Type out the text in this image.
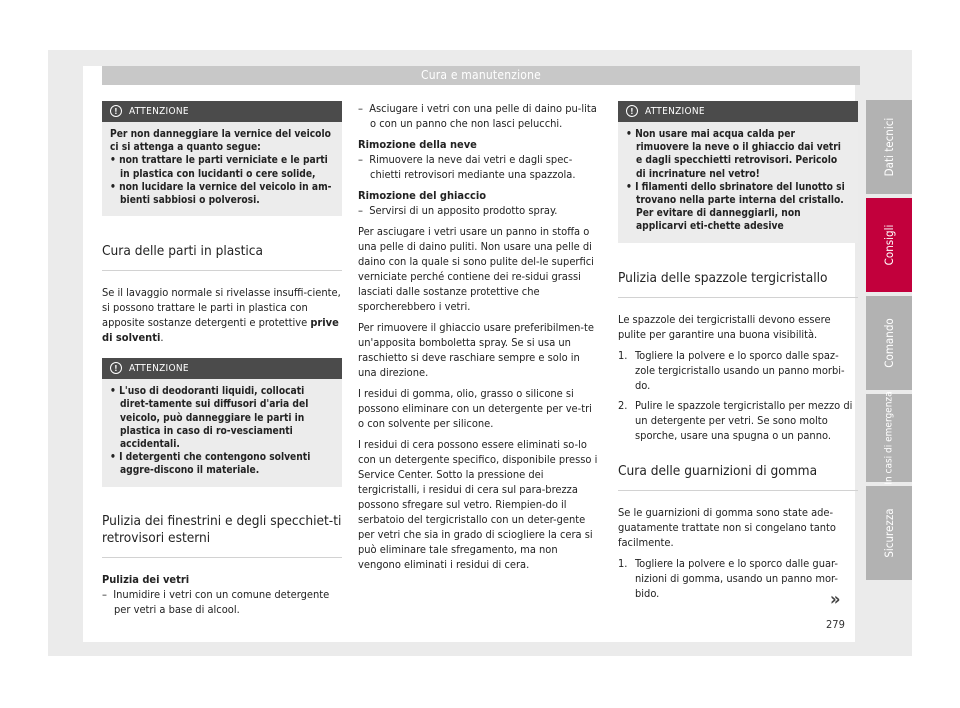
Cura e manutenzione
!	ATTENZIONE

Per non danneggiare la vernice del veicolo ci si attenga a quanto segue:

• non trattare le parti verniciate e le parti in plastica con lucidanti o cere solide,

• non lucidare la vernice del veicolo in am-bienti sabbiosi o polverosi.

Cura delle parti in plastica

Se il lavaggio normale si rivelasse insuffi-ciente, si possono trattare le parti in plastica con apposite sostanze detergenti e protettive prive di solventi.

!	ATTENZIONE

• L'uso di deodoranti liquidi, collocati diret-tamente sui diffusori d'aria del veicolo, può danneggiare le parti in plastica in caso di ro-vesciamenti accidentali.

• I detergenti che contengono solventi aggre-discono il materiale.

Pulizia dei finestrini e degli specchiet-ti retrovisori esterni

Pulizia dei vetri

–  Inumidire i vetri con un comune detergente per vetri a base di alcool.

–  Asciugare i vetri con una pelle di daino pu-lita o con un panno che non lasci pelucchi.

Rimozione della neve

–  Rimuovere la neve dai vetri e dagli spec-chietti retrovisori mediante una spazzola.

Rimozione del ghiaccio

–  Servirsi di un apposito prodotto spray.

Per asciugare i vetri usare un panno in stoffa o una pelle di daino puliti. Non usare una pelle di daino con la quale si sono pulite del-le superfici verniciate perché contiene dei re-sidui grassi lasciati dalle sostanze protettive che sporcherebbero i vetri.

Per rimuovere il ghiaccio usare preferibilmen-te un'apposita bomboletta spray. Se si usa un raschietto si deve raschiare sempre e solo in una direzione.

I residui di gomma, olio, grasso o silicone si possono eliminare con un detergente per ve-tri o con solvente per silicone.

I residui di cera possono essere eliminati so-lo con un detergente specifico, disponibile presso i Service Center. Sotto la pressione dei tergicristalli, i residui di cera sul para-brezza possono sfregare sul vetro. Riempien-do il serbatoio del tergicristallo con un deter-gente per vetri che sia in grado di sciogliere la cera si può eliminare tale sfregamento, ma non vengono eliminati i residui di cera.

!	ATTENZIONE

• Non usare mai acqua calda per rimuovere la neve o il ghiaccio dai vetri e dagli specchietti retrovisori. Pericolo di incrinature nel vetro!

• I filamenti dello sbrinatore del lunotto si trovano nella parte interna del cristallo. Per evitare di danneggiarli, non applicarvi eti-chette adesive

Pulizia delle spazzole tergicristallo

Le spazzole dei tergicristalli devono essere pulite per garantire una buona visibilità.

1. Togliere la polvere e lo sporco dalle spaz-zole tergicristallo usando un panno morbi-do.
2. Pulire le spazzole tergicristallo per mezzo di un detergente per vetri. Se sono molto sporche, usare una spugna o un panno.
Cura delle guarnizioni di gomma

Se le guarnizioni di gomma sono state ade-guatamente trattate non si congelano tanto facilmente.

1. Togliere la polvere e lo sporco dalle guar-nizioni di gomma, usando un panno mor-bido.
Dati tecnici
Consigli
Comando
In casi di emergenza
Sicurezza
»
279
